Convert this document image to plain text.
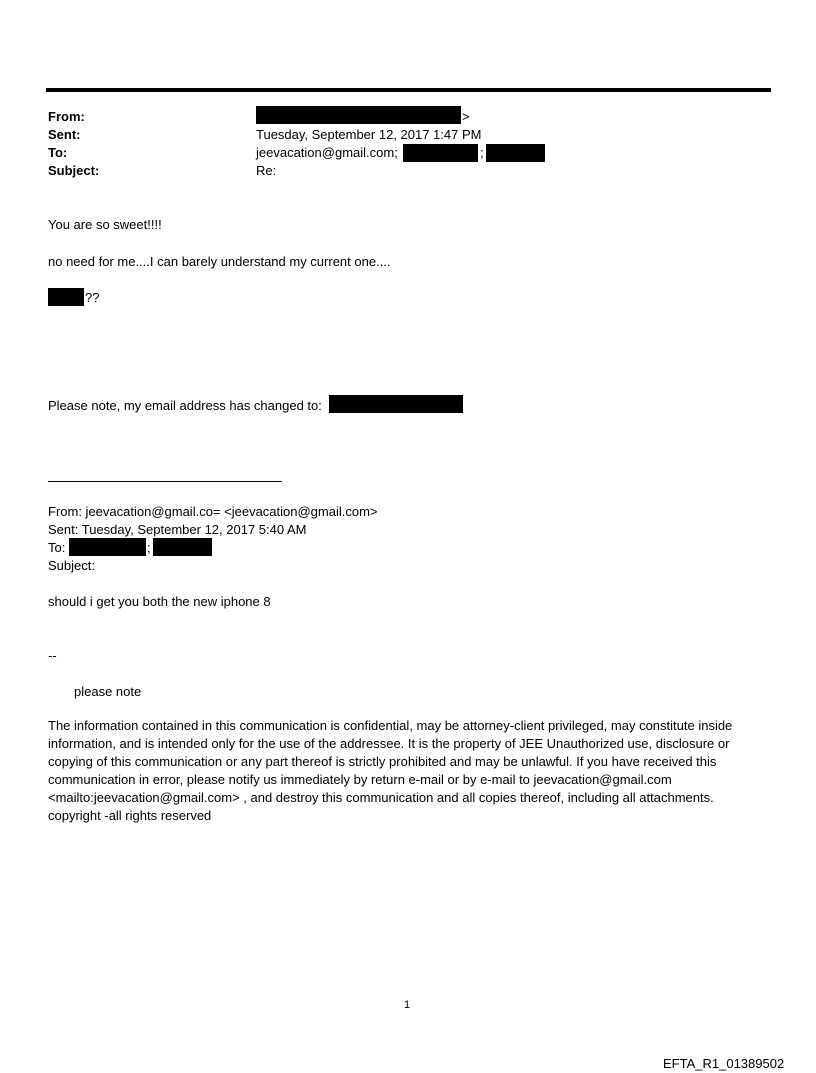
From:
Sent:
To:
Subject:
>
Tuesday, September 12, 2017 1:47 PM
jeevacation@gmail.com;	;
Re:
You are so sweet!!!!
no need for me....I can barely understand my current one....
??
Please note, my email address has changed to:
From: jeevacation@gmail.co= <jeevacation@gmail.com>
Sent: Tuesday, September 12, 2017 5:40 AM
To:	;
Subject:
should i get you both the new iphone 8
--
please note
The information contained in this communication is confidential, may be attorney-client privileged, may constitute inside information, and is intended only for the use of the addressee. It is the property of JEE Unauthorized use, disclosure or copying of this communication or any part thereof is strictly prohibited and may be unlawful. If you have received this communication in error, please notify us immediately by return e-mail or by e-mail to jeevacation@gmail.com <mailto:jeevacation@gmail.com> , and destroy this communication and all copies thereof, including all attachments. copyright -all rights reserved
1
EFTA_R1_01389502
